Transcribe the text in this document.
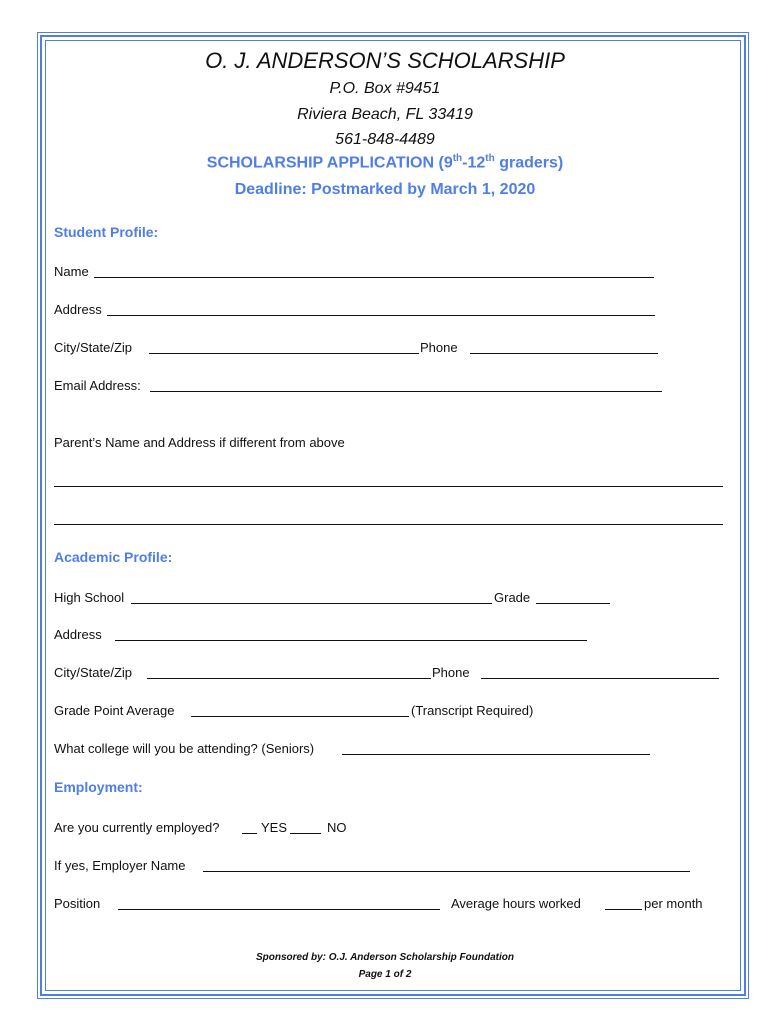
O. J. ANDERSON’S SCHOLARSHIP
P.O. Box #9451
Riviera Beach, FL 33419
561-848-4489
SCHOLARSHIP APPLICATION (9th-12th graders)
Deadline: Postmarked by March 1, 2020
Student Profile:
Name
Address
City/State/Zip	Phone
Email Address:
Parent’s Name and Address if different from above
Academic Profile:
High School	Grade
Address
City/State/Zip	Phone
Grade Point Average	(Transcript Required)
What college will you be attending? (Seniors)
Employment:
Are you currently employed?	YES	NO
If yes, Employer Name
Position	Average hours worked	per month
Sponsored by: O.J. Anderson Scholarship Foundation
Page 1 of 2
